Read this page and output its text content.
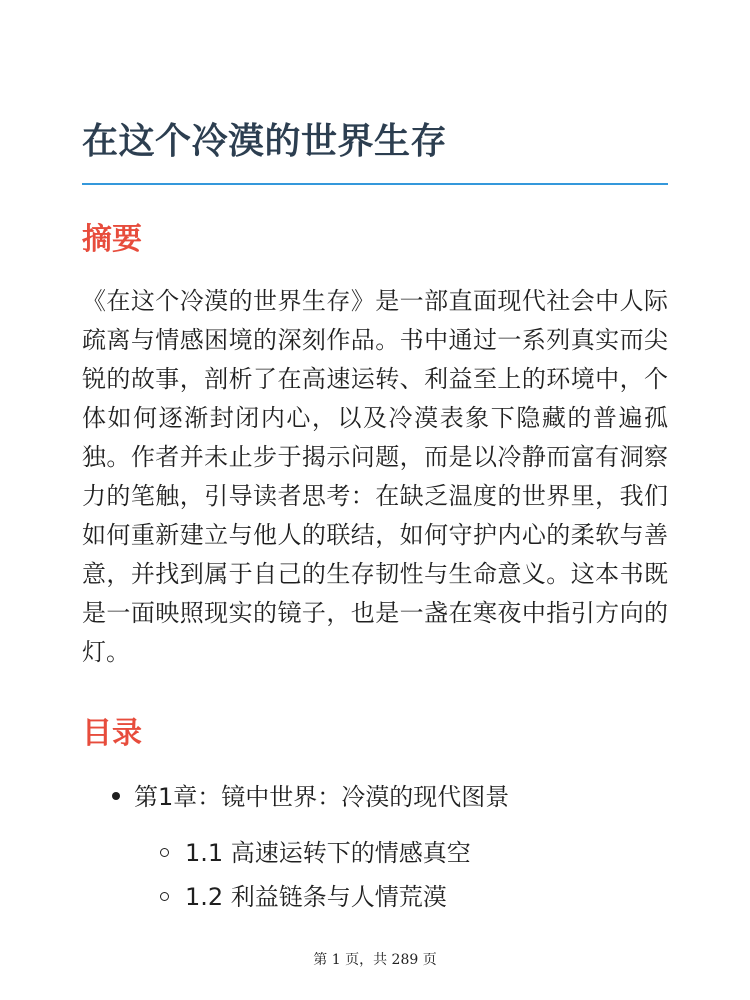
在这个冷漠的世界生存
摘要

《在这个冷漠的世界生存》是一部直面现代社会中人际疏离与情感困境的深刻作品。书中通过一系列真实而尖锐的故事，剖析了在高速运转、利益至上的环境中，个体如何逐渐封闭内心，以及冷漠表象下隐藏的普遍孤独。作者并未止步于揭示问题，而是以冷静而富有洞察力的笔触，引导读者思考：在缺乏温度的世界里，我们如何重新建立与他人的联结，如何守护内心的柔软与善意，并找到属于自己的生存韧性与生命意义。这本书既是一面映照现实的镜子，也是一盏在寒夜中指引方向的灯。

目录
第1章：镜中世界：冷漠的现代图景
1.1 高速运转下的情感真空
1.2 利益链条与人情荒漠
第 1 页，共 289 页
